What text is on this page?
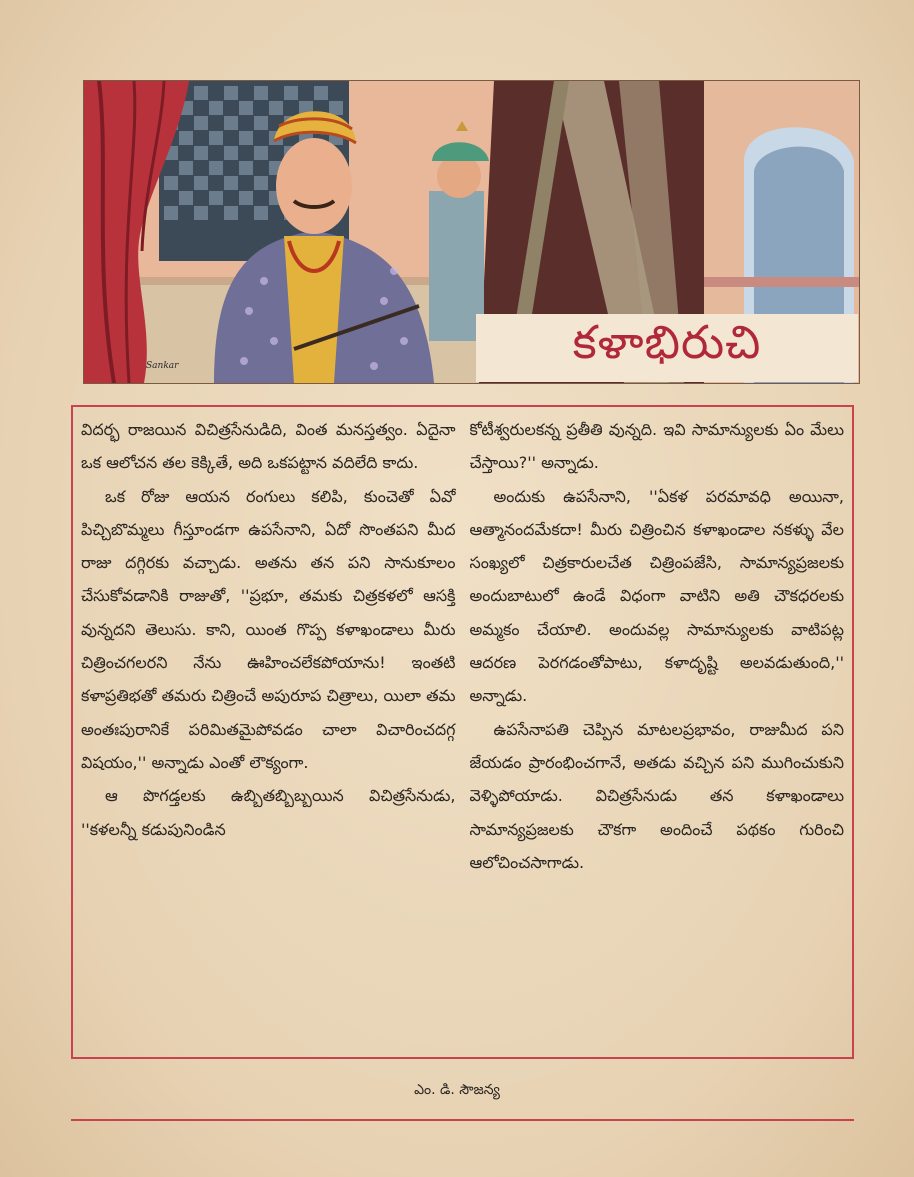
Sankar	కళాభిరుచి

విదర్భ రాజయిన విచిత్రసేనుడిది, వింత మనస్తత్వం. ఏదైనా ఒక ఆలోచన తల కెక్కితే, అది ఒకపట్టాన వదిలేది కాదు.

ఒక రోజు ఆయన రంగులు కలిపి, కుంచెతో ఏవో పిచ్చిబొమ్మలు గీస్తూండగా ఉపసేనాని, ఏదో సొంతపని మీద రాజు దగ్గిరకు వచ్చాడు. అతను తన పని సానుకూలం చేసుకోవడానికి రాజుతో, ''ప్రభూ, తమకు చిత్రకళలో ఆసక్తి వున్నదని తెలుసు. కాని, యింత గొప్ప కళాఖండాలు మీరు చిత్రించగలరని నేను ఊహించలేకపోయాను! ఇంతటి కళాప్రతిభతో తమరు చిత్రించే అపురూప చిత్రాలు, యిలా తమ అంతఃపురానికే పరిమితమైపోవడం చాలా విచారించదగ్గ విషయం,'' అన్నాడు ఎంతో లౌక్యంగా.

ఆ పొగడ్తలకు ఉబ్బితబ్బిబ్బయిన విచిత్రసేనుడు, ''కళలన్నీ కడుపునిండిన

కోటీశ్వరులకన్న ప్రతీతి వున్నది. ఇవి సామాన్యులకు ఏం మేలు చేస్తాయి?'' అన్నాడు.

అందుకు ఉపసేనాని, ''ఏకళ పరమావధి అయినా, ఆత్మానందమేకదా! మీరు చిత్రించిన కళాఖండాల నకళ్ళు వేల సంఖ్యలో చిత్రకారులచేత చిత్రింపజేసి, సామాన్యప్రజలకు అందుబాటులో ఉండే విధంగా వాటిని అతి చౌకధరలకు అమ్మకం చేయాలి. అందువల్ల సామాన్యులకు వాటిపట్ల ఆదరణ పెరగడంతోపాటు, కళాదృష్టి అలవడుతుంది,'' అన్నాడు.

ఉపసేనాపతి చెప్పిన మాటలప్రభావం, రాజుమీద పని జేయడం ప్రారంభించగానే, అతడు వచ్చిన పని ముగించుకుని వెళ్ళిపోయాడు. విచిత్రసేనుడు తన కళాఖండాలు సామాన్యప్రజలకు చౌకగా అందించే పథకం గురించి ఆలోచించసాగాడు.

ఎం. డి. సౌజన్య
